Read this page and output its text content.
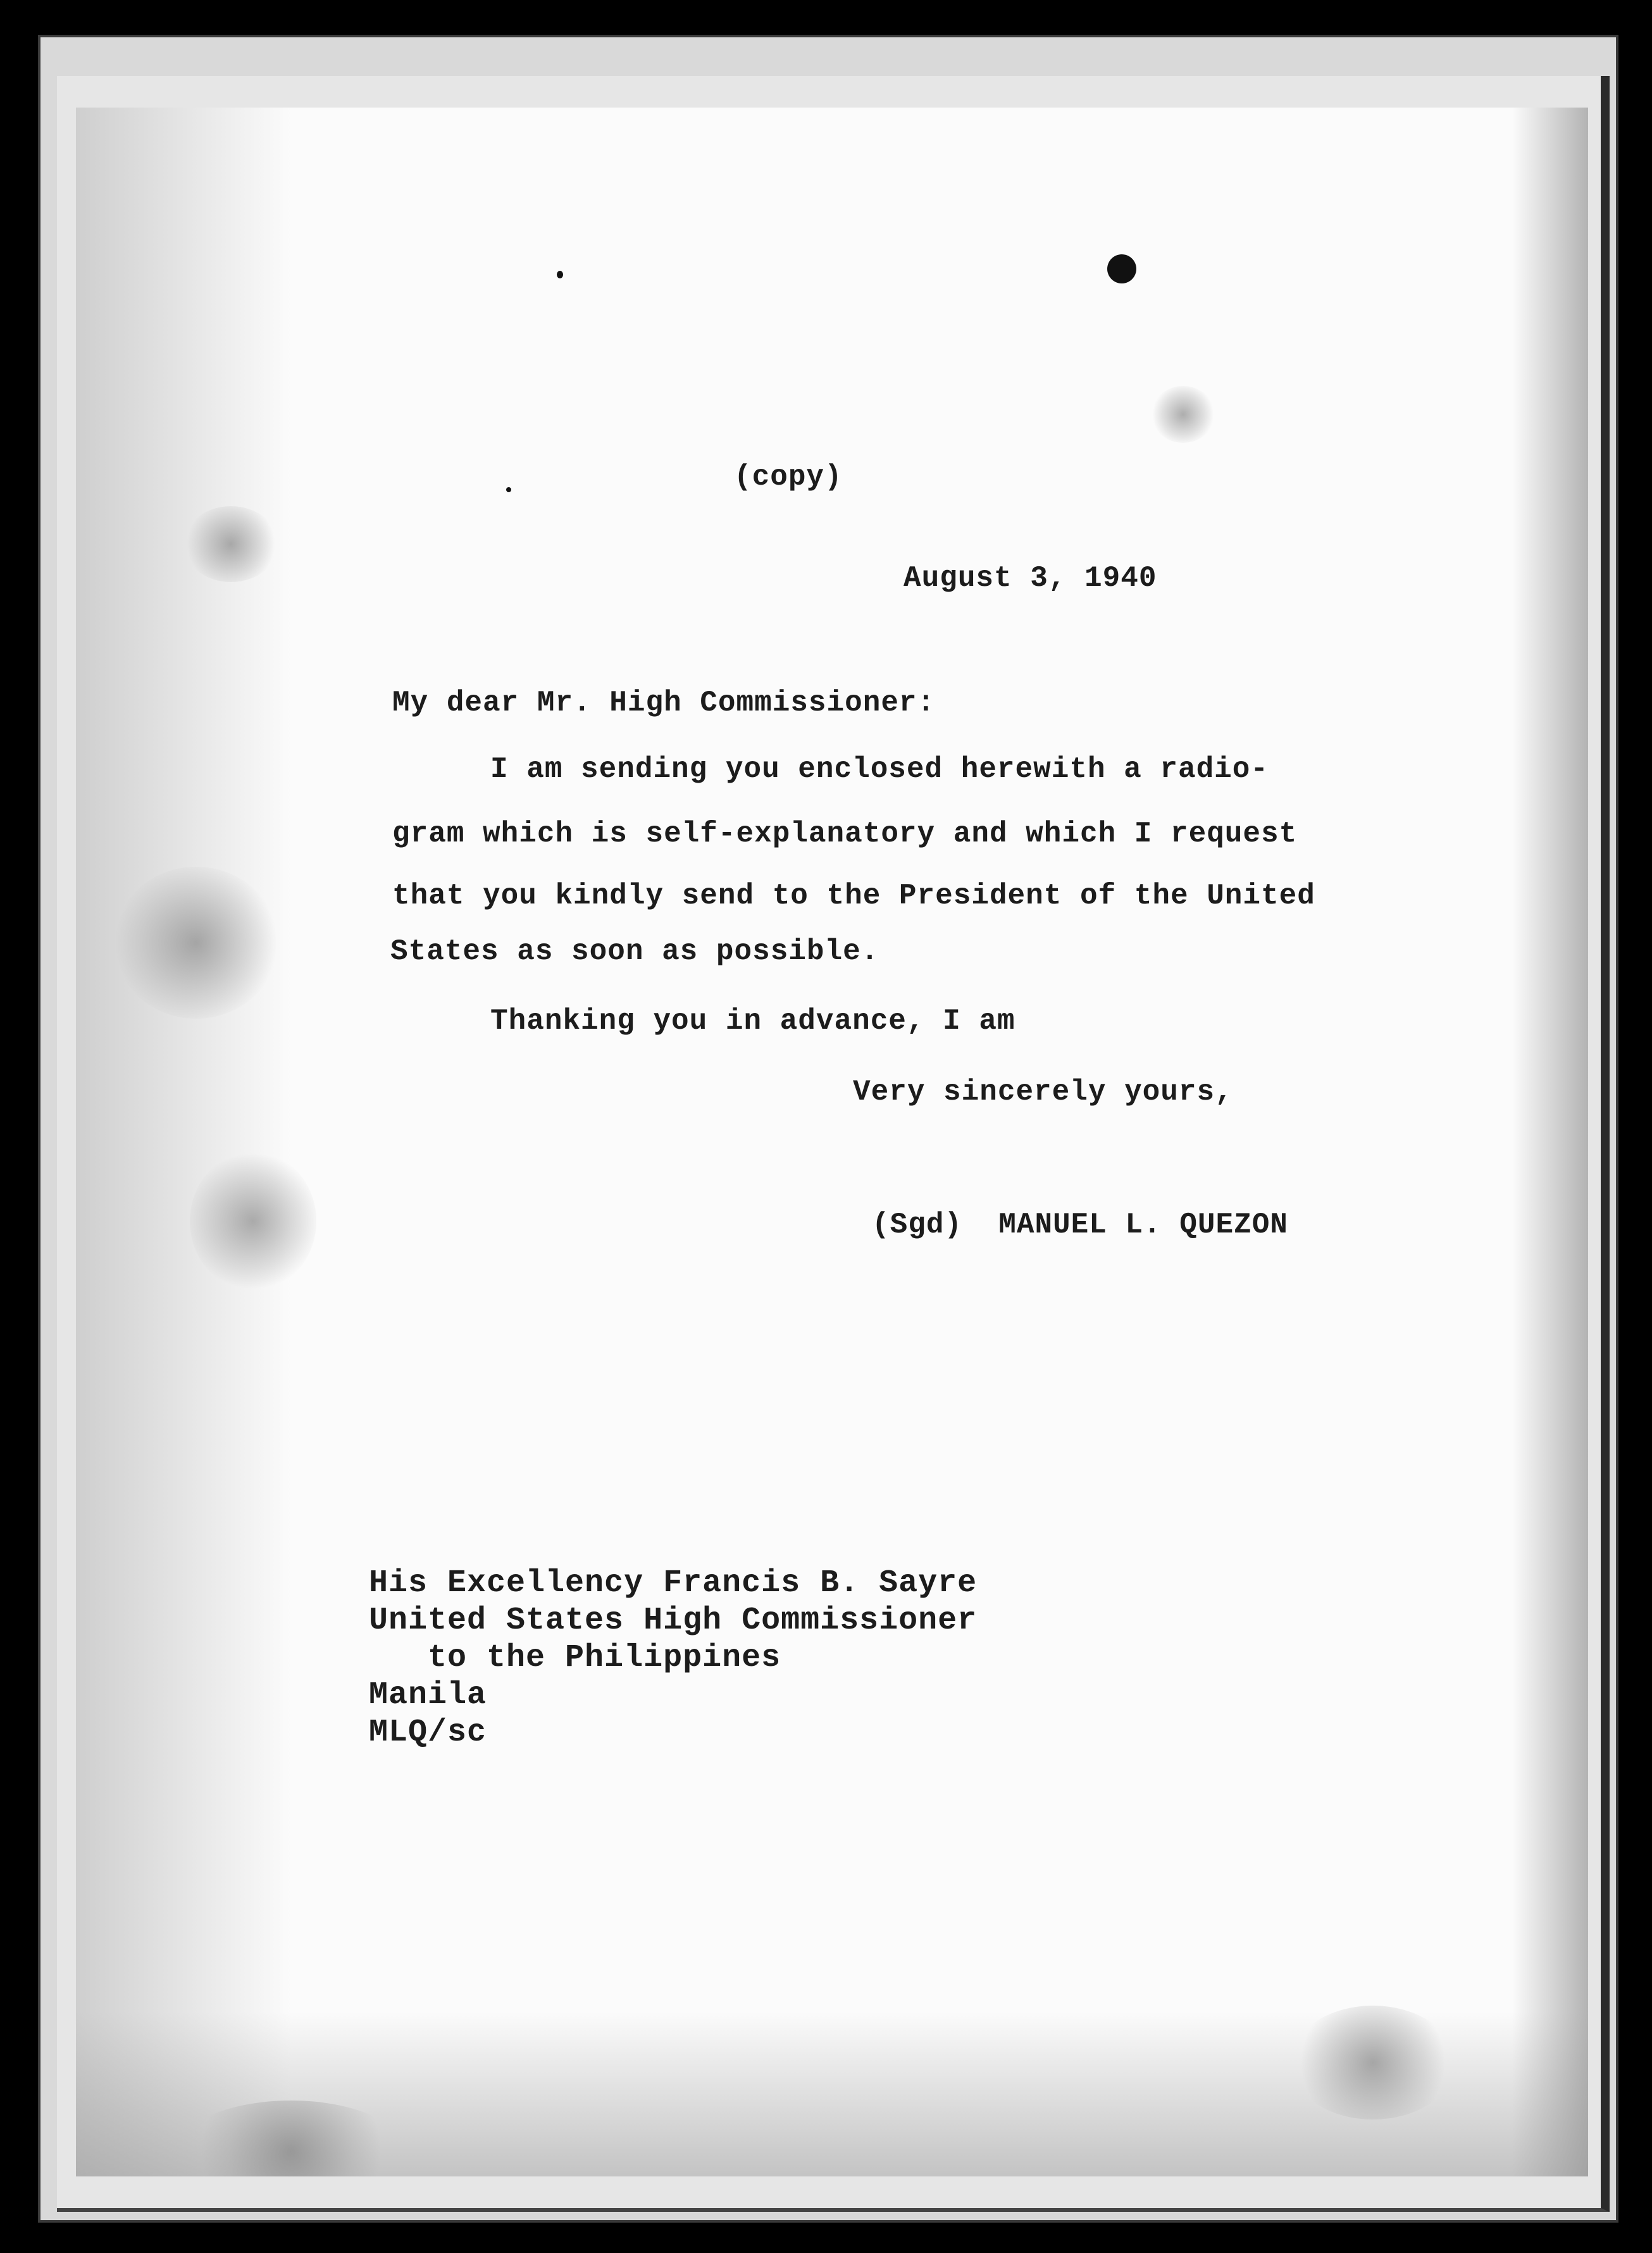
(copy)
August 3, 1940
My dear Mr. High Commissioner:
I am sending you enclosed herewith a radio-
gram which is self-explanatory and which I request
that you kindly send to the President of the United
States as soon as possible.
Thanking you in advance, I am
Very sincerely yours,
(Sgd)  MANUEL L. QUEZON
His Excellency Francis B. Sayre
United States High Commissioner
to the Philippines
Manila
MLQ/sc
